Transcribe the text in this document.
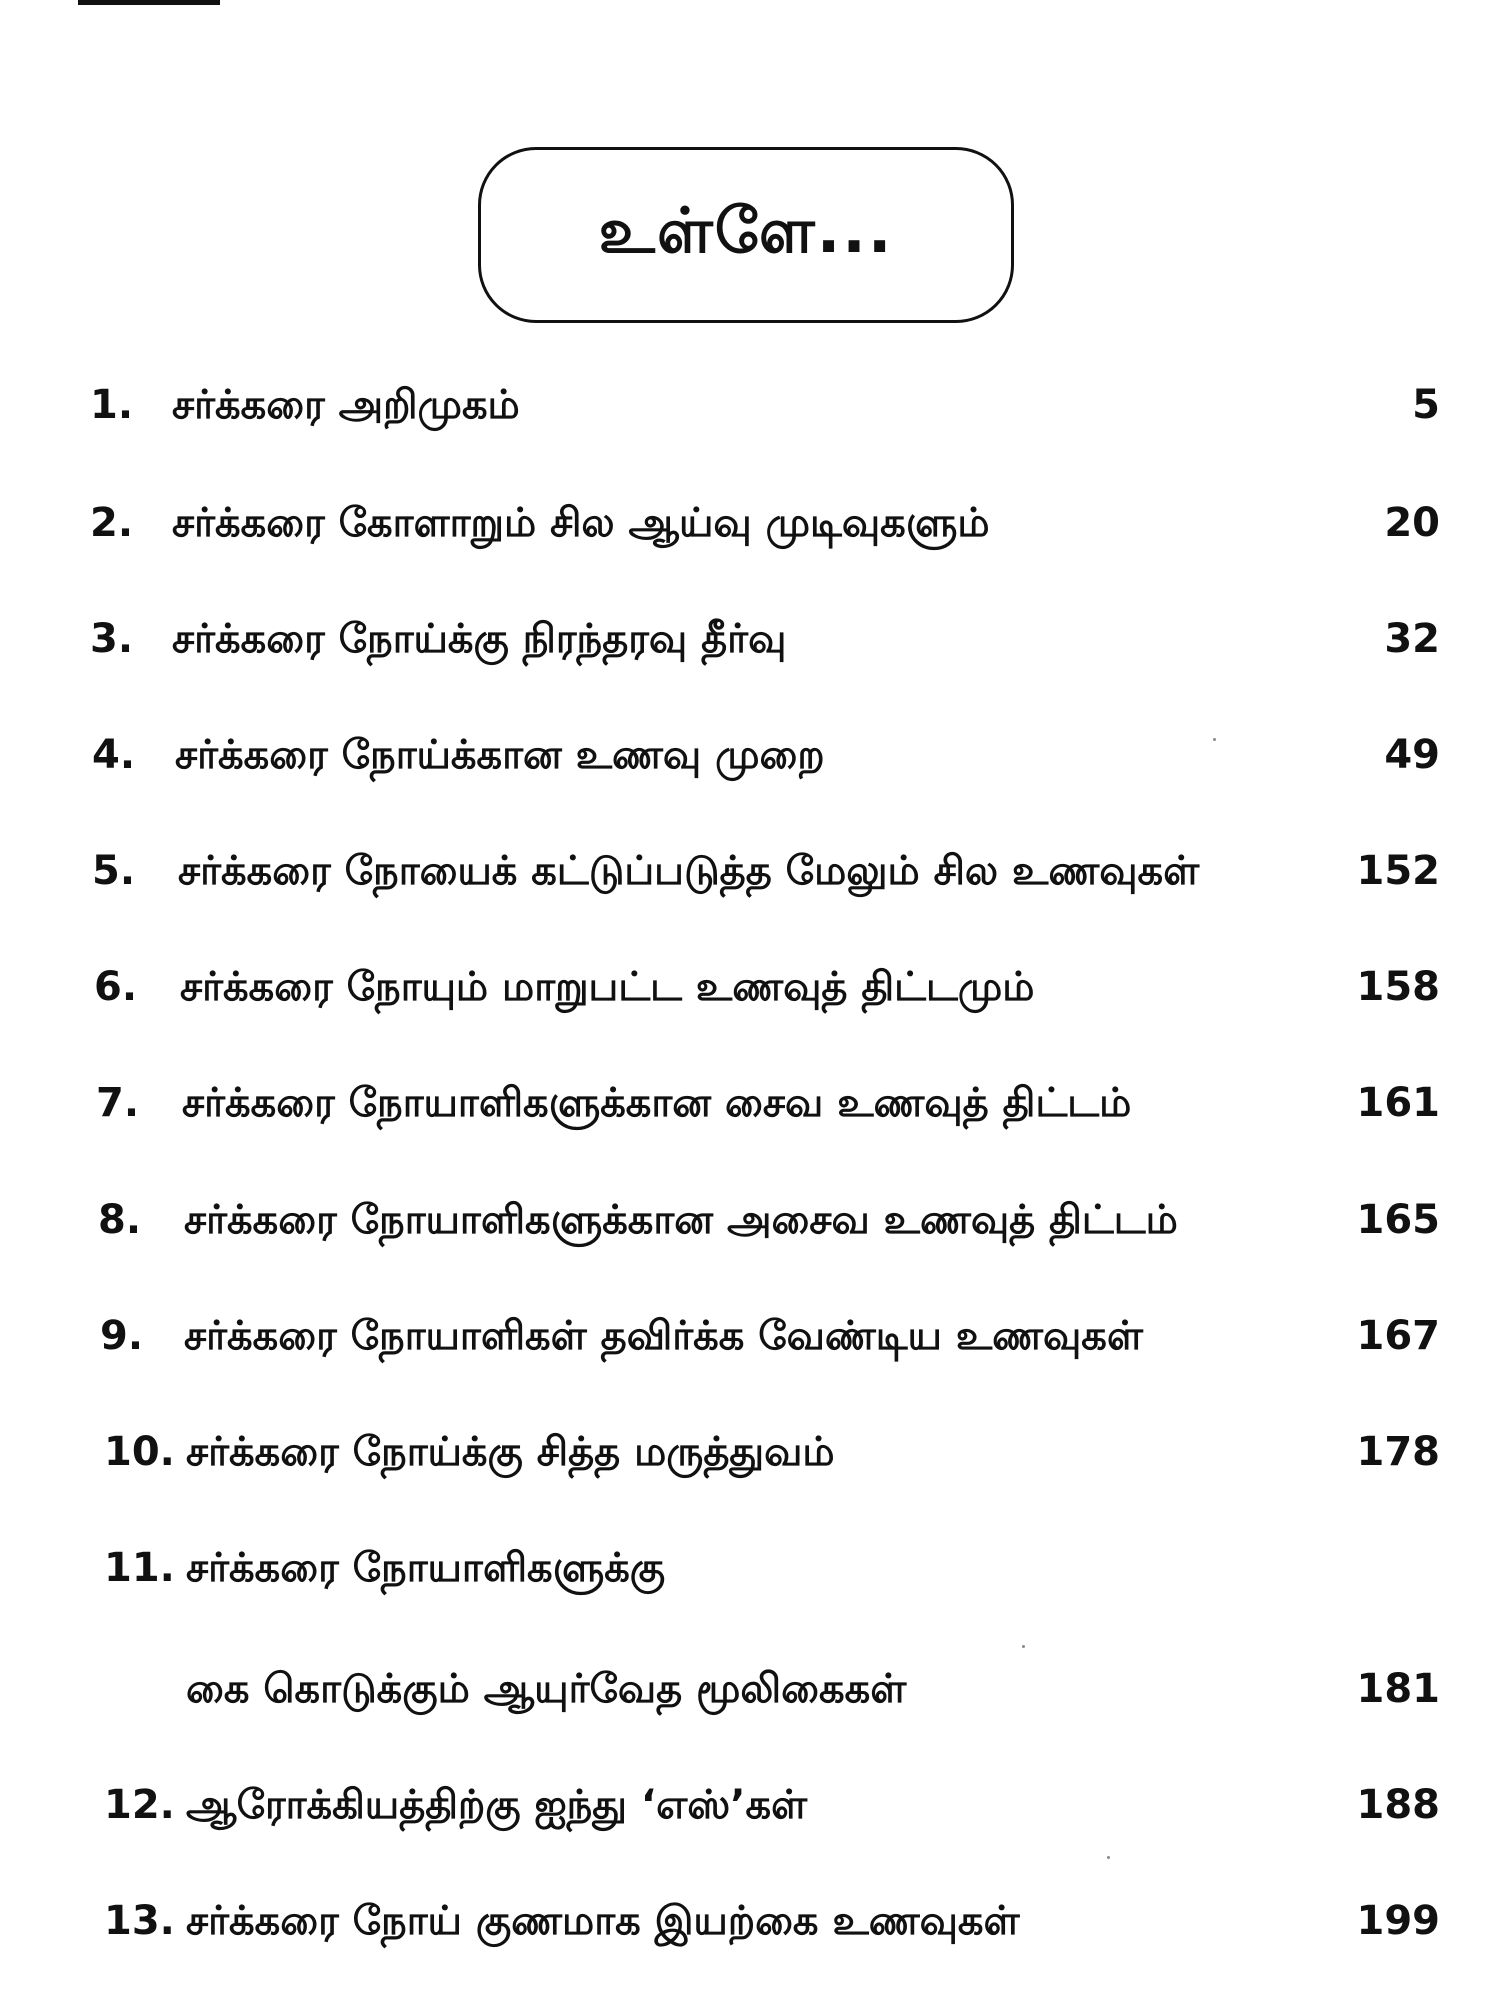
உள்ளே...
1. சர்க்கரை அறிமுகம்	5
2. சர்க்கரை கோளாறும் சில ஆய்வு முடிவுகளும்	20
3. சர்க்கரை நோய்க்கு நிரந்தரவு தீர்வு	32
4. சர்க்கரை நோய்க்கான உணவு முறை	49
5. சர்க்கரை நோயைக் கட்டுப்படுத்த மேலும் சில உணவுகள்	152
6. சர்க்கரை நோயும் மாறுபட்ட உணவுத் திட்டமும்	158
7. சர்க்கரை நோயாளிகளுக்கான சைவ உணவுத் திட்டம்	161
8. சர்க்கரை நோயாளிகளுக்கான அசைவ உணவுத் திட்டம்	165
9. சர்க்கரை நோயாளிகள் தவிர்க்க வேண்டிய உணவுகள்	167
10. சர்க்கரை நோய்க்கு சித்த மருத்துவம்	178
11. சர்க்கரை நோயாளிகளுக்கு
கை கொடுக்கும் ஆயுர்வேத மூலிகைகள்	181
12. ஆரோக்கியத்திற்கு ஐந்து ‘எஸ்’கள்	188
13. சர்க்கரை நோய் குணமாக இயற்கை உணவுகள்	199
